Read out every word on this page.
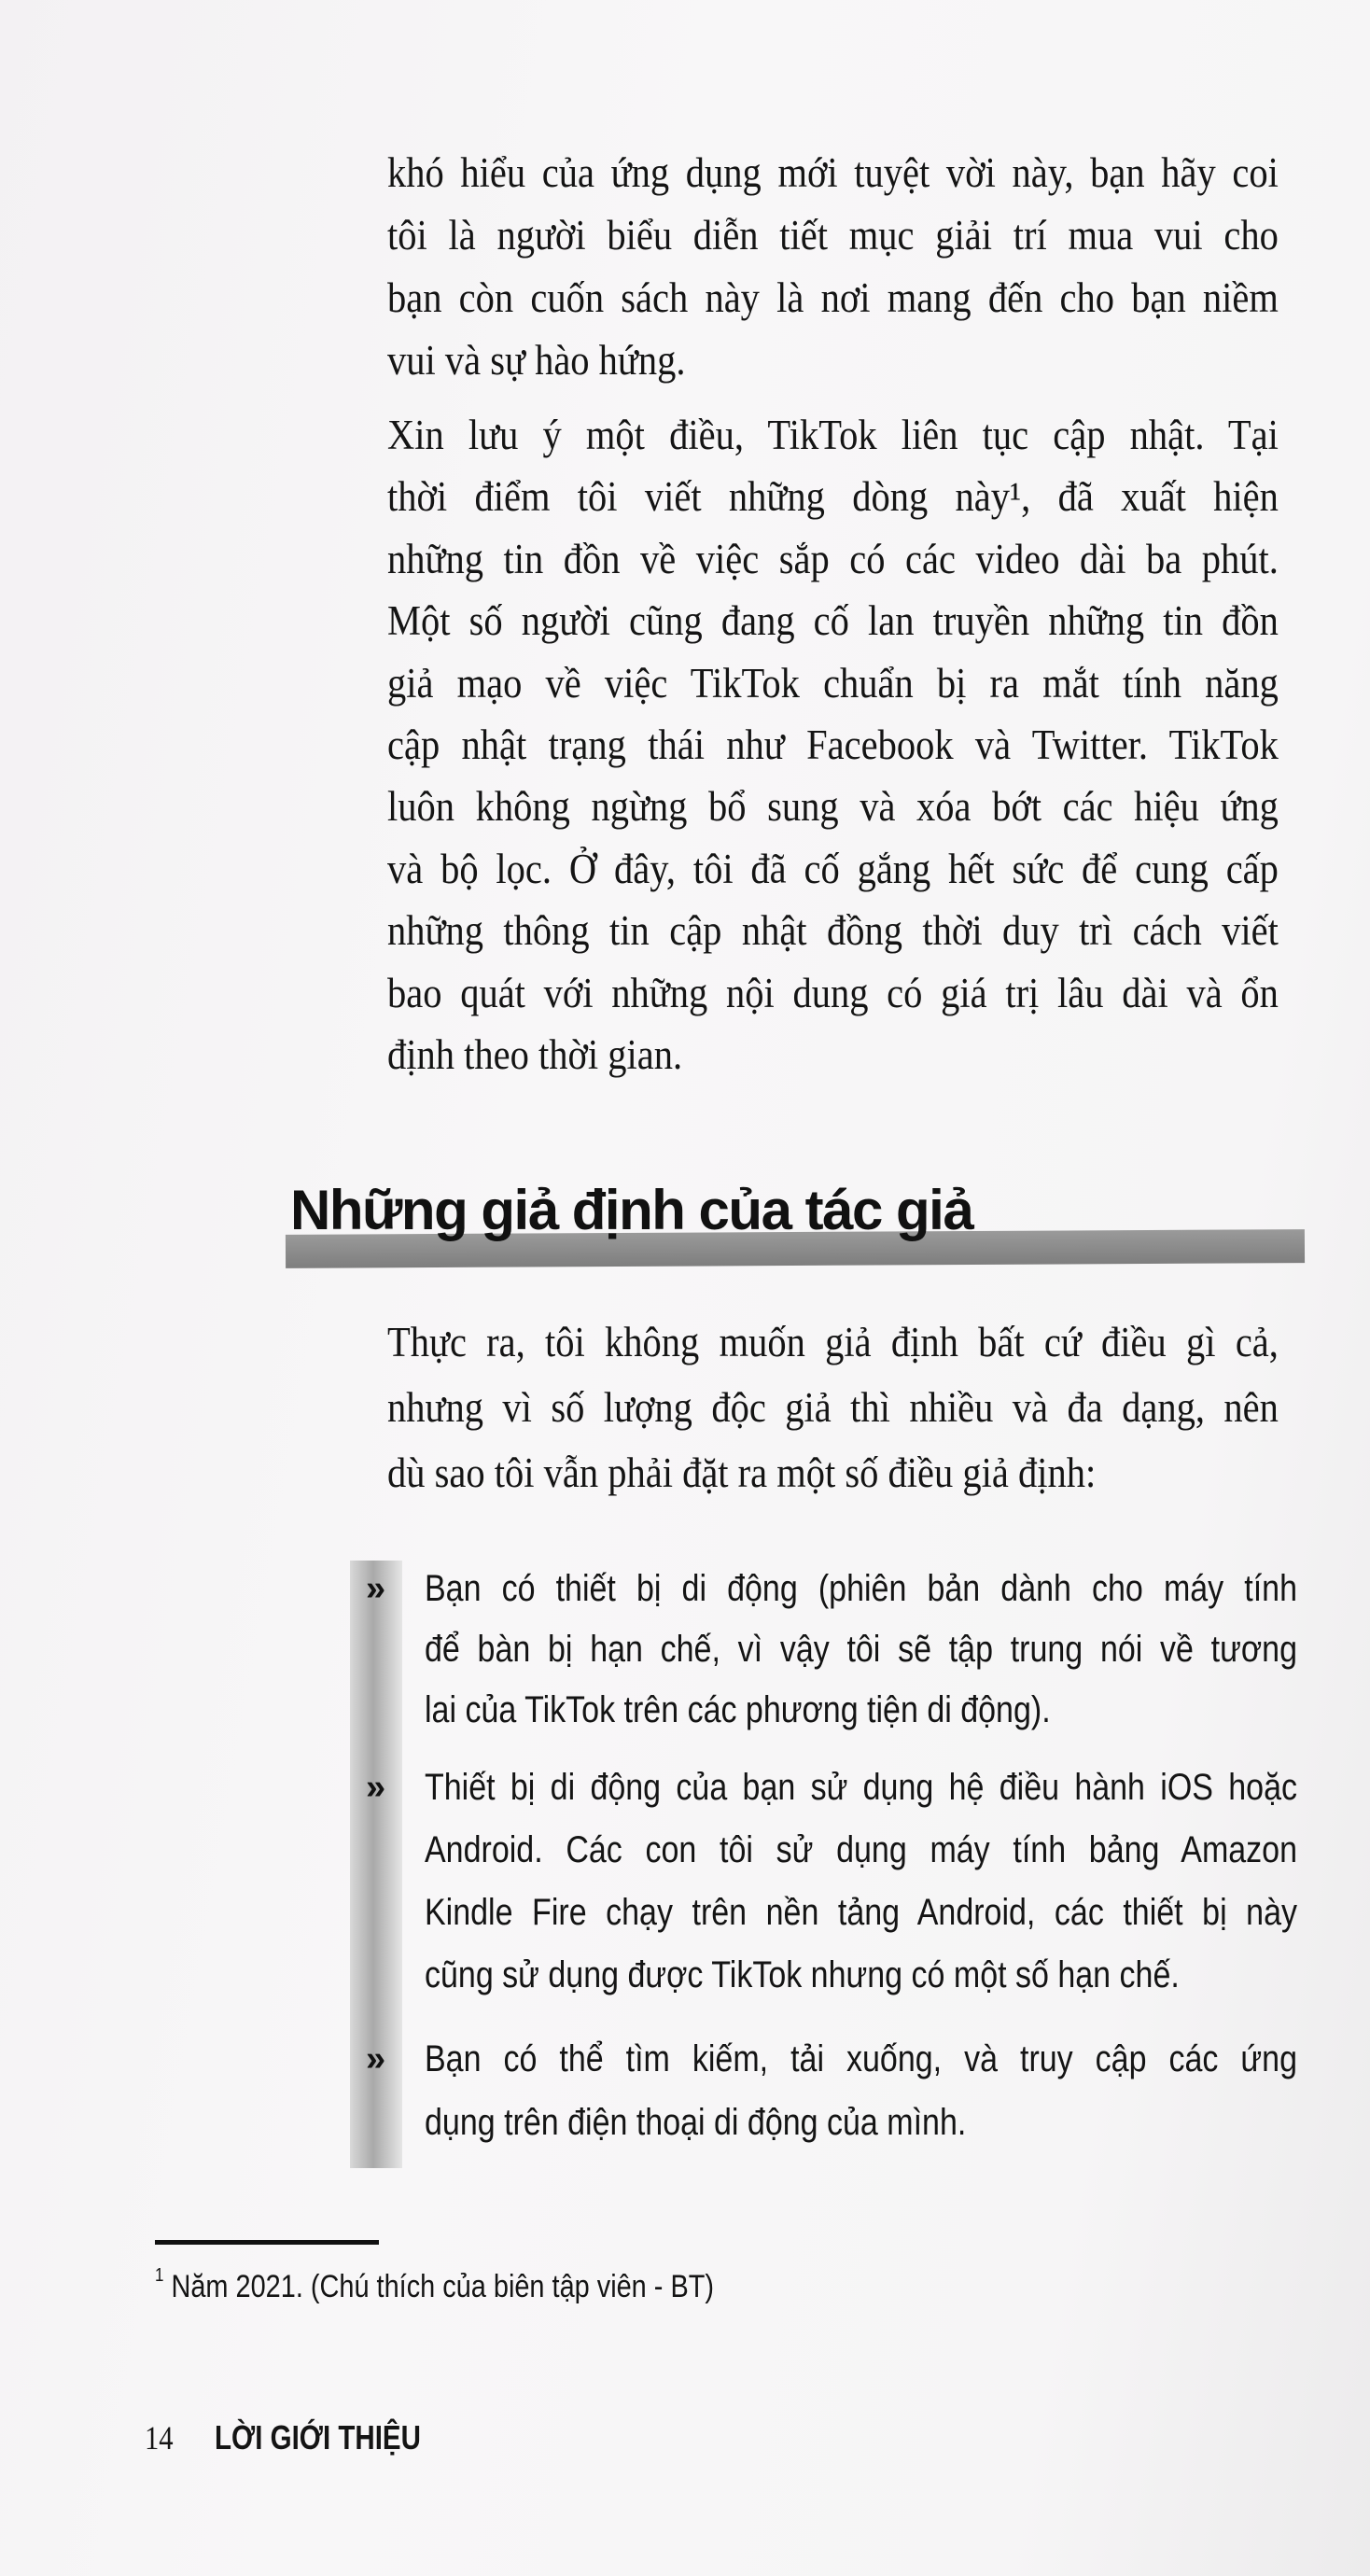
khó hiểu của ứng dụng mới tuyệt vời này, bạn hãy coi
tôi là người biểu diễn tiết mục giải trí mua vui cho
bạn còn cuốn sách này là nơi mang đến cho bạn niềm
vui và sự hào hứng.
Xin lưu ý một điều, TikTok liên tục cập nhật. Tại
thời điểm tôi viết những dòng này¹, đã xuất hiện
những tin đồn về việc sắp có các video dài ba phút.
Một số người cũng đang cố lan truyền những tin đồn
giả mạo về việc TikTok chuẩn bị ra mắt tính năng
cập nhật trạng thái như Facebook và Twitter. TikTok
luôn không ngừng bổ sung và xóa bớt các hiệu ứng
và bộ lọc. Ở đây, tôi đã cố gắng hết sức để cung cấp
những thông tin cập nhật đồng thời duy trì cách viết
bao quát với những nội dung có giá trị lâu dài và ổn
định theo thời gian.
Những giả định của tác giả
Thực ra, tôi không muốn giả định bất cứ điều gì cả,
nhưng vì số lượng độc giả thì nhiều và đa dạng, nên
dù sao tôi vẫn phải đặt ra một số điều giả định:
» Bạn có thiết bị di động (phiên bản dành cho máy tính
để bàn bị hạn chế, vì vậy tôi sẽ tập trung nói về tương
lai của TikTok trên các phương tiện di động).
» Thiết bị di động của bạn sử dụng hệ điều hành iOS hoặc
Android. Các con tôi sử dụng máy tính bảng Amazon
Kindle Fire chạy trên nền tảng Android, các thiết bị này
cũng sử dụng được TikTok nhưng có một số hạn chế.
» Bạn có thể tìm kiếm, tải xuống, và truy cập các ứng
dụng trên điện thoại di động của mình.
$^1$ Năm 2021. (Chú thích của biên tập viên - BT)
14 LỜI GIỚI THIỆU
